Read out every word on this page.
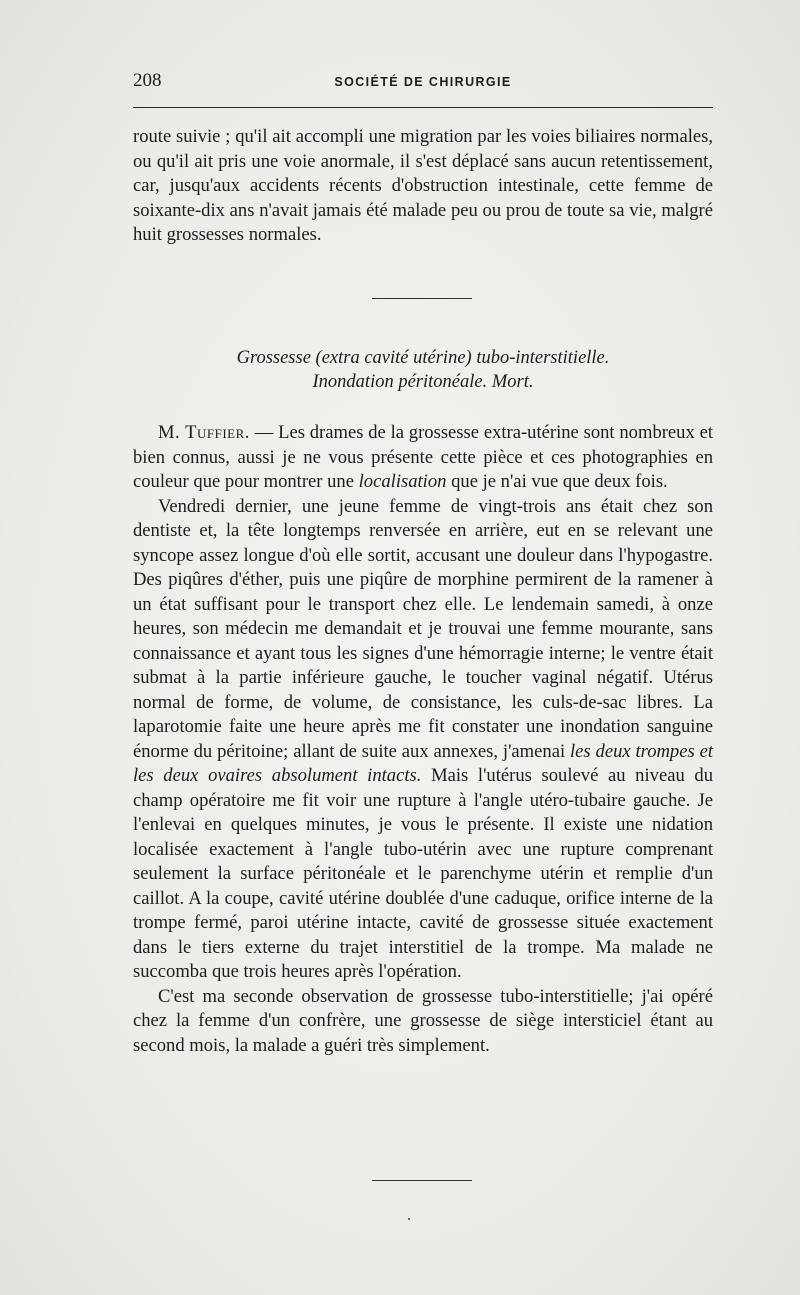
208	SOCIÉTÉ DE CHIRURGIE

route suivie ; qu'il ait accompli une migration par les voies biliaires normales, ou qu'il ait pris une voie anormale, il s'est déplacé sans aucun retentissement, car, jusqu'aux accidents récents d'obstruction intestinale, cette femme de soixante-dix ans n'avait jamais été malade peu ou prou de toute sa vie, malgré huit grossesses normales.

Grossesse (extra cavité utérine) tubo-interstitielle.
Inondation péritonéale. Mort.

M. Tuffier. — Les drames de la grossesse extra-utérine sont nombreux et bien connus, aussi je ne vous présente cette pièce et ces photographies en couleur que pour montrer une localisation que je n'ai vue que deux fois.

Vendredi dernier, une jeune femme de vingt-trois ans était chez son dentiste et, la tête longtemps renversée en arrière, eut en se relevant une syncope assez longue d'où elle sortit, accusant une douleur dans l'hypogastre. Des piqûres d'éther, puis une piqûre de morphine permirent de la ramener à un état suffisant pour le transport chez elle. Le lendemain samedi, à onze heures, son médecin me demandait et je trouvai une femme mourante, sans connaissance et ayant tous les signes d'une hémorragie interne; le ventre était submat à la partie inférieure gauche, le toucher vaginal négatif. Utérus normal de forme, de volume, de consistance, les culs-de-sac libres. La laparotomie faite une heure après me fit constater une inondation sanguine énorme du péritoine; allant de suite aux annexes, j'amenai les deux trompes et les deux ovaires absolument intacts. Mais l'utérus soulevé au niveau du champ opératoire me fit voir une rupture à l'angle utéro-tubaire gauche. Je l'enlevai en quelques minutes, je vous le présente. Il existe une nidation localisée exactement à l'angle tubo-utérin avec une rupture comprenant seulement la surface péritonéale et le parenchyme utérin et remplie d'un caillot. A la coupe, cavité utérine doublée d'une caduque, orifice interne de la trompe fermé, paroi utérine intacte, cavité de grossesse située exactement dans le tiers externe du trajet interstitiel de la trompe. Ma malade ne succomba que trois heures après l'opération.

C'est ma seconde observation de grossesse tubo-interstitielle; j'ai opéré chez la femme d'un confrère, une grossesse de siège intersticiel étant au second mois, la malade a guéri très simplement.
